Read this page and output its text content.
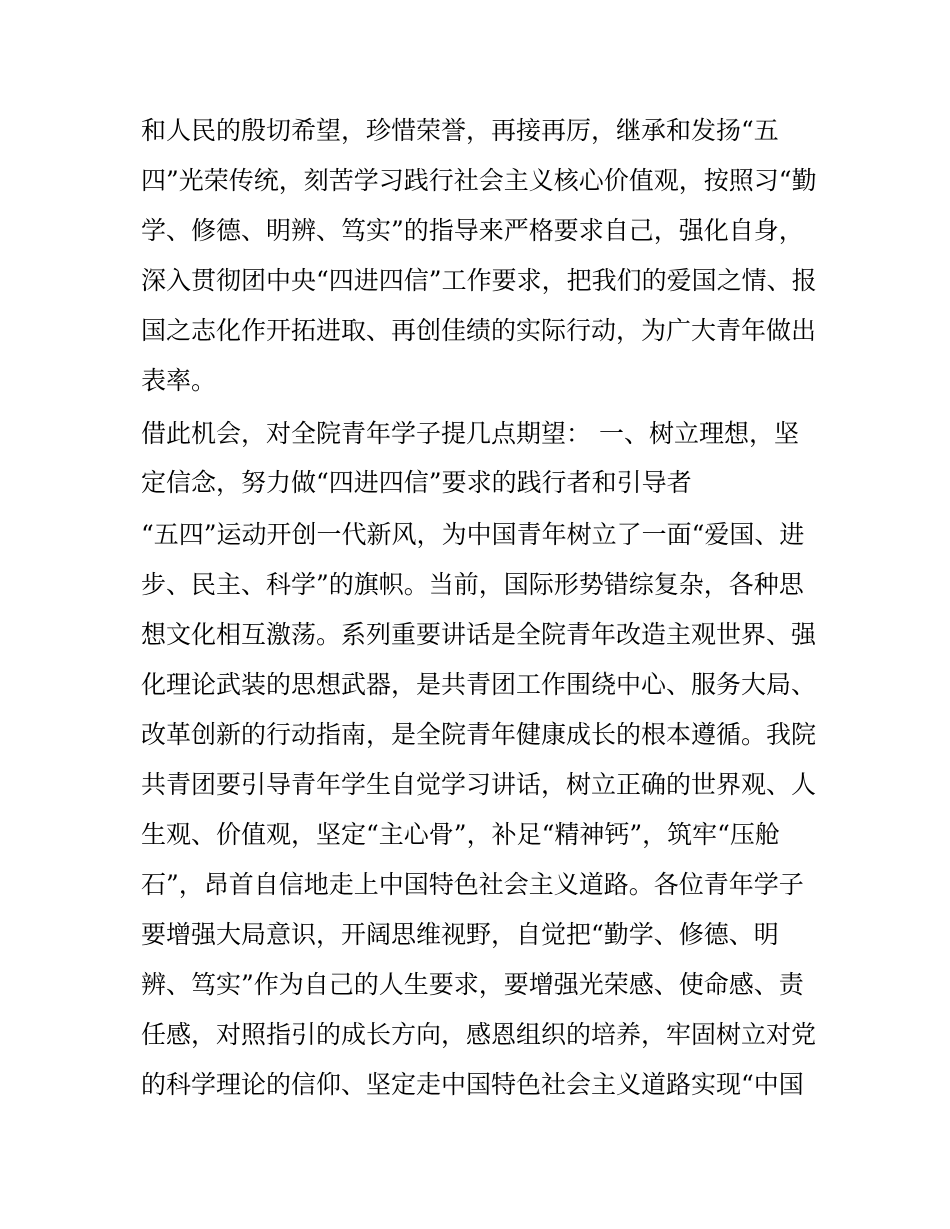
和人民的殷切希望，珍惜荣誉，再接再厉，继承和发扬“五
四”光荣传统，刻苦学习践行社会主义核心价值观，按照习“勤
学、修德、明辨、笃实”的指导来严格要求自己，强化自身，
深入贯彻团中央“四进四信”工作要求，把我们的爱国之情、报
国之志化作开拓进取、再创佳绩的实际行动，为广大青年做出
表率。
借此机会，对全院青年学子提几点期望： 一、树立理想，坚
定信念，努力做“四进四信”要求的践行者和引导者
“五四”运动开创一代新风，为中国青年树立了一面“爱国、进
步、民主、科学”的旗帜。当前，国际形势错综复杂，各种思
想文化相互激荡。系列重要讲话是全院青年改造主观世界、强
化理论武装的思想武器，是共青团工作围绕中心、服务大局、
改革创新的行动指南，是全院青年健康成长的根本遵循。我院
共青团要引导青年学生自觉学习讲话，树立正确的世界观、人
生观、价值观，坚定“主心骨”，补足“精神钙”，筑牢“压舱
石”，昂首自信地走上中国特色社会主义道路。各位青年学子
要增强大局意识，开阔思维视野，自觉把“勤学、修德、明
辨、笃实”作为自己的人生要求，要增强光荣感、使命感、责
任感，对照指引的成长方向，感恩组织的培养，牢固树立对党
的科学理论的信仰、坚定走中国特色社会主义道路实现“中国
